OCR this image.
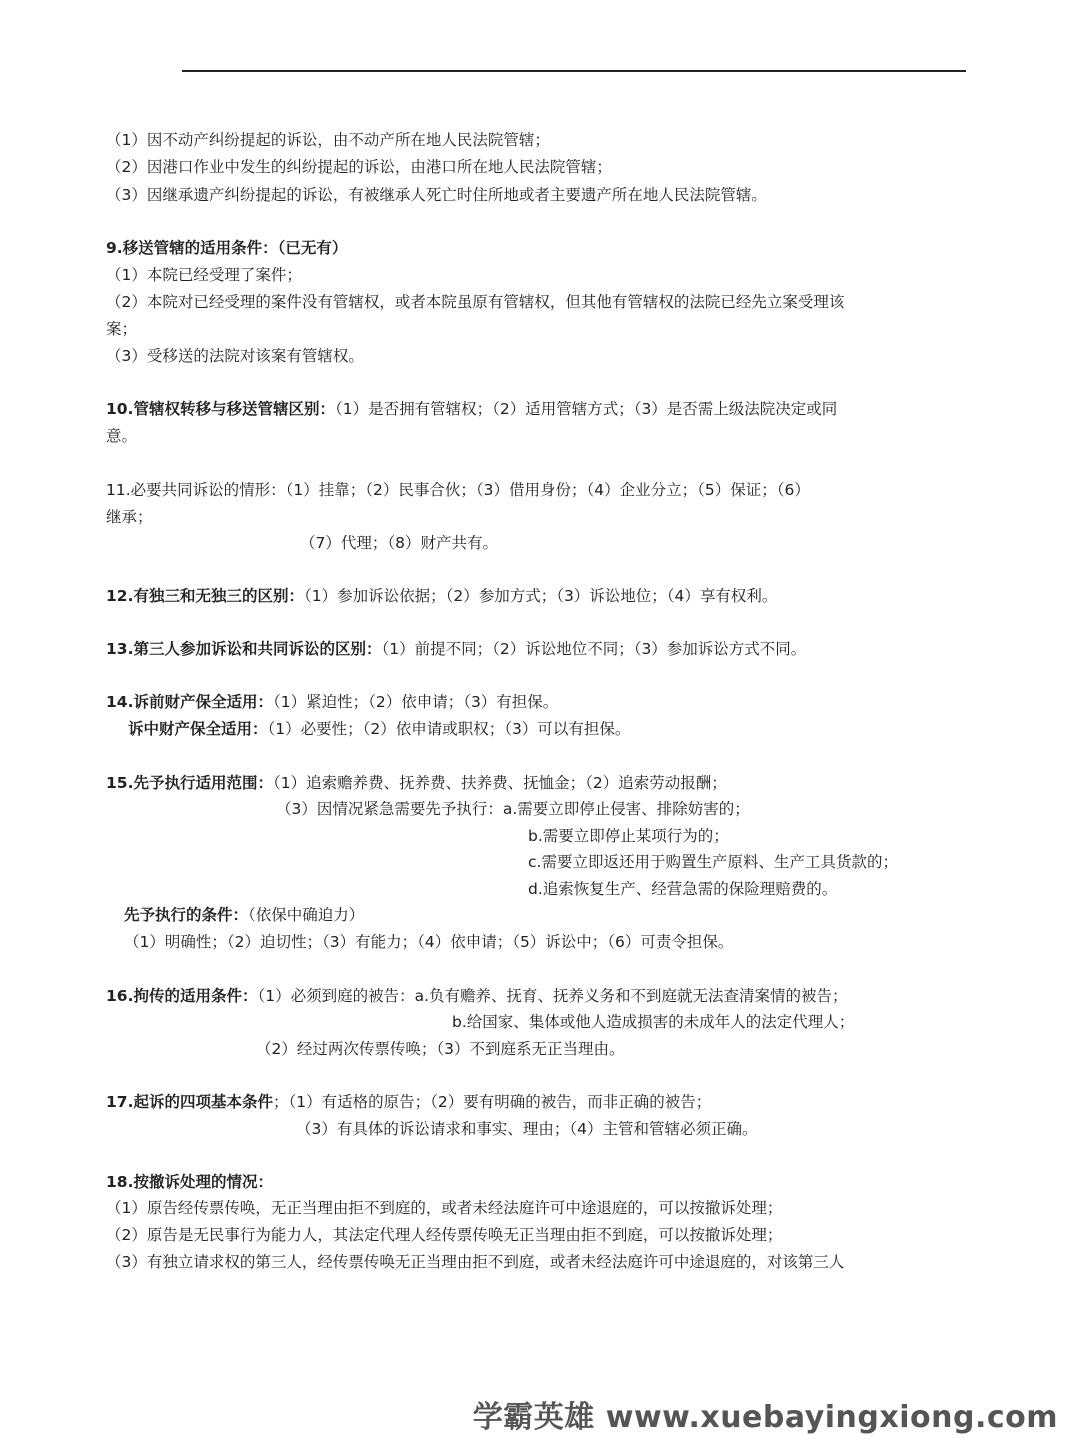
（1）因不动产纠纷提起的诉讼，由不动产所在地人民法院管辖；
（2）因港口作业中发生的纠纷提起的诉讼，由港口所在地人民法院管辖；
（3）因继承遗产纠纷提起的诉讼，有被继承人死亡时住所地或者主要遗产所在地人民法院管辖。
9.移送管辖的适用条件：（已无有）
（1）本院已经受理了案件；
（2）本院对已经受理的案件没有管辖权，或者本院虽原有管辖权，但其他有管辖权的法院已经先立案受理该
案；
（3）受移送的法院对该案有管辖权。
10.管辖权转移与移送管辖区别：（1）是否拥有管辖权；（2）适用管辖方式；（3）是否需上级法院决定或同
意。
11.必要共同诉讼的情形：（1）挂靠；（2）民事合伙；（3）借用身份；（4）企业分立；（5）保证；（6）
继承；
（7）代理；（8）财产共有。
12.有独三和无独三的区别：（1）参加诉讼依据；（2）参加方式；（3）诉讼地位；（4）享有权利。
13.第三人参加诉讼和共同诉讼的区别：（1）前提不同；（2）诉讼地位不同；（3）参加诉讼方式不同。
14.诉前财产保全适用：（1）紧迫性；（2）依申请；（3）有担保。
诉中财产保全适用：（1）必要性；（2）依申请或职权；（3）可以有担保。
15.先予执行适用范围：（1）追索赡养费、抚养费、扶养费、抚恤金；（2）追索劳动报酬；
（3）因情况紧急需要先予执行：a.需要立即停止侵害、排除妨害的；
b.需要立即停止某项行为的；
c.需要立即返还用于购置生产原料、生产工具货款的；
d.追索恢复生产、经营急需的保险理赔费的。
先予执行的条件：（依保中确迫力）
（1）明确性；（2）迫切性；（3）有能力；（4）依申请；（5）诉讼中；（6）可责令担保。
16.拘传的适用条件：（1）必须到庭的被告：a.负有赡养、抚育、抚养义务和不到庭就无法查清案情的被告；
b.给国家、集体或他人造成损害的未成年人的法定代理人；
（2）经过两次传票传唤；（3）不到庭系无正当理由。
17.起诉的四项基本条件；（1）有适格的原告；（2）要有明确的被告，而非正确的被告；
（3）有具体的诉讼请求和事实、理由；（4）主管和管辖必须正确。
18.按撤诉处理的情况：
（1）原告经传票传唤，无正当理由拒不到庭的，或者未经法庭许可中途退庭的，可以按撤诉处理；
（2）原告是无民事行为能力人，其法定代理人经传票传唤无正当理由拒不到庭，可以按撤诉处理；
（3）有独立请求权的第三人，经传票传唤无正当理由拒不到庭，或者未经法庭许可中途退庭的，对该第三人
学霸英雄 www.xuebayingxiong.com
